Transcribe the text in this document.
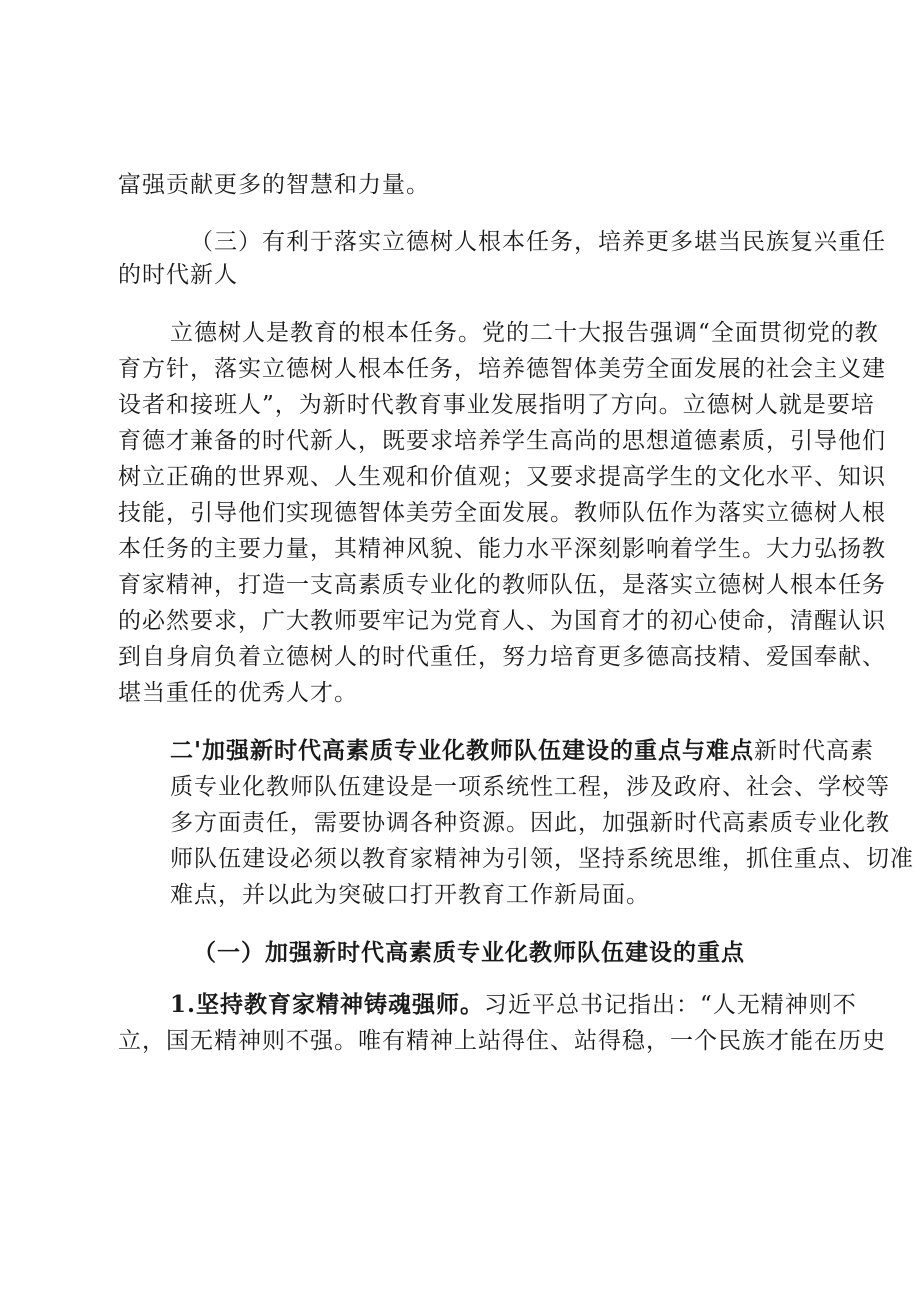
富强贡献更多的智慧和力量。
（三）有利于落实立德树人根本任务，培养更多堪当民族复兴重任
的时代新人
立德树人是教育的根本任务。党的二十大报告强调“全面贯彻党的教
育方针，落实立德树人根本任务，培养德智体美劳全面发展的社会主义建
设者和接班人”，为新时代教育事业发展指明了方向。立德树人就是要培
育德才兼备的时代新人，既要求培养学生高尚的思想道德素质，引导他们
树立正确的世界观、人生观和价值观；又要求提高学生的文化水平、知识
技能，引导他们实现德智体美劳全面发展。教师队伍作为落实立德树人根
本任务的主要力量，其精神风貌、能力水平深刻影响着学生。大力弘扬教
育家精神，打造一支高素质专业化的教师队伍，是落实立德树人根本任务
的必然要求，广大教师要牢记为党育人、为国育才的初心使命，清醒认识
到自身肩负着立德树人的时代重任，努力培育更多德高技精、爱国奉献、
堪当重任的优秀人才。
二'加强新时代高素质专业化教师队伍建设的重点与难点新时代高素
质专业化教师队伍建设是一项系统性工程，涉及政府、社会、学校等
多方面责任，需要协调各种资源。因此，加强新时代高素质专业化教
师队伍建设必须以教育家精神为引领，坚持系统思维，抓住重点、切准
难点，并以此为突破口打开教育工作新局面。
（一）加强新时代高素质专业化教师队伍建设的重点
1.坚持教育家精神铸魂强师。习近平总书记指出：“人无精神则不
立，国无精神则不强。唯有精神上站得住、站得稳，一个民族才能在历史
